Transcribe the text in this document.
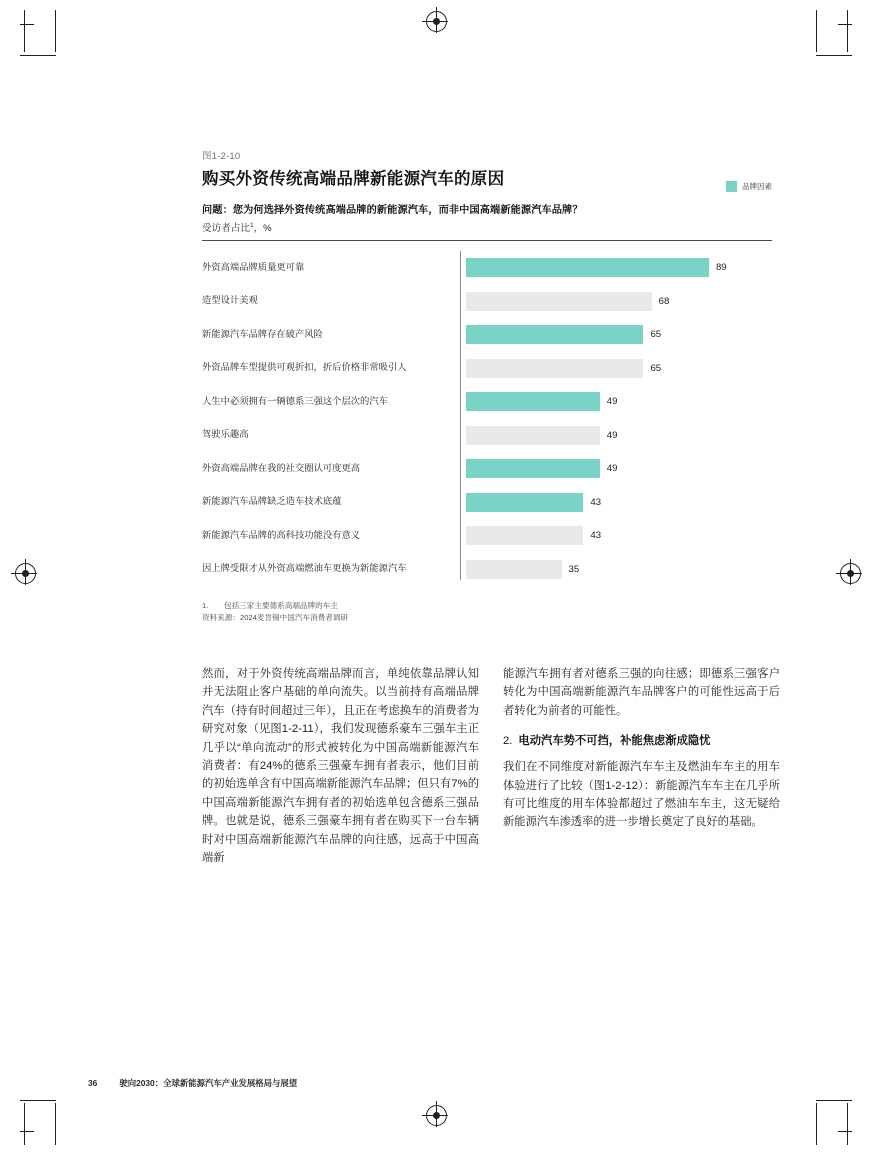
图1-2-10
购买外资传统高端品牌新能源汽车的原因	品牌因素
问题：您为何选择外资传统高端品牌的新能源汽车，而非中国高端新能源汽车品牌？
受访者占比$^1$，%
外资高端品牌质量更可靠	89
造型设计美观	68
新能源汽车品牌存在破产风险	65
外资品牌车型提供可观折扣，折后价格非常吸引人	65
人生中必须拥有一辆德系三强这个层次的汽车	49
驾驶乐趣高	49
外资高端品牌在我的社交圈认可度更高	49
新能源汽车品牌缺乏造车技术底蕴	43
新能源汽车品牌的高科技功能没有意义	43
因上牌受限才从外资高端燃油车更换为新能源汽车	35
1.	包括三家主要德系高端品牌的车主
资料来源：2024麦肯锡中国汽车消费者调研

然而，对于外资传统高端品牌而言，单纯依靠品牌认知并无法阻止客户基础的单向流失。以当前持有高端品牌汽车（持有时间超过三年），且正在考虑换车的消费者为研究对象（见图1-2-11），我们发现德系豪车三强车主正几乎以“单向流动”的形式被转化为中国高端新能源汽车消费者：有24%的德系三强豪车拥有者表示，他们目前的初始选单含有中国高端新能源汽车品牌；但只有7%的中国高端新能源汽车拥有者的初始选单包含德系三强品牌。也就是说，德系三强豪车拥有者在购买下一台车辆时对中国高端新能源汽车品牌的向往感，远高于中国高端新

能源汽车拥有者对德系三强的向往感；即德系三强客户转化为中国高端新能源汽车品牌客户的可能性远高于后者转化为前者的可能性。

2. 电动汽车势不可挡，补能焦虑渐成隐忧

我们在不同维度对新能源汽车车主及燃油车车主的用车体验进行了比较（图1-2-12）：新能源汽车车主在几乎所有可比维度的用车体验都超过了燃油车车主，这无疑给新能源汽车渗透率的进一步增长奠定了良好的基础。

36	驶向2030：全球新能源汽车产业发展格局与展望
